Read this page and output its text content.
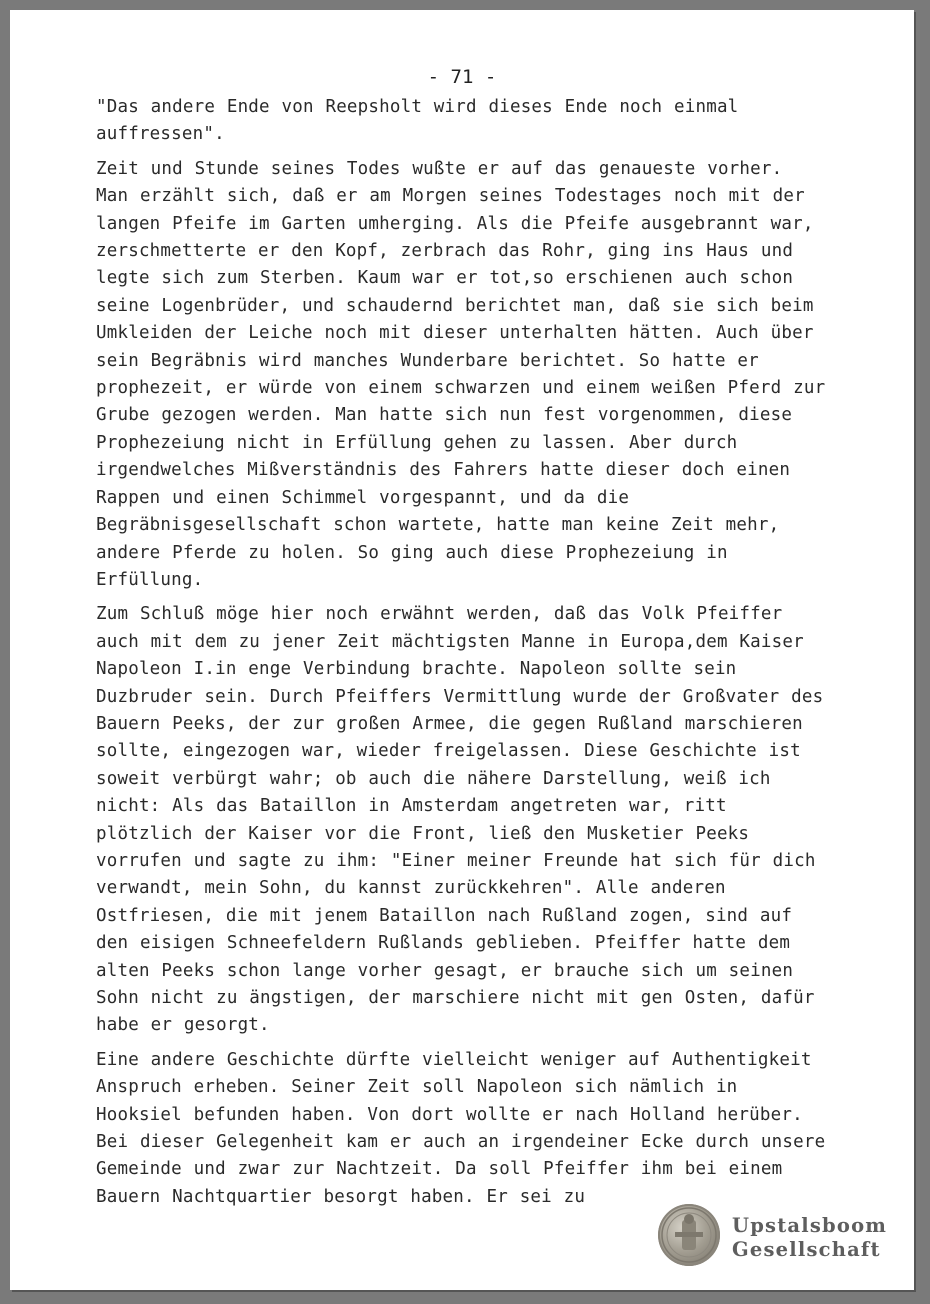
- 71 -

"Das andere Ende von Reepsholt wird dieses Ende noch einmal auffressen".

Zeit und Stunde seines Todes wußte er auf das genaueste vorher. Man erzählt sich, daß er am Morgen seines Todestages noch mit der langen Pfeife im Garten umherging. Als die Pfeife ausgebrannt war, zerschmetterte er den Kopf, zerbrach das Rohr, ging ins Haus und legte sich zum Sterben. Kaum war er tot,so erschienen auch schon seine Logenbrüder, und schaudernd berichtet man, daß sie sich beim Umkleiden der Leiche noch mit dieser unterhalten hätten. Auch über sein Begräbnis wird manches Wunderbare berichtet. So hatte er prophezeit, er würde von einem schwarzen und einem weißen Pferd zur Grube gezogen werden. Man hatte sich nun fest vorgenommen, diese Prophezeiung nicht in Erfüllung gehen zu lassen. Aber durch irgendwelches Mißverständnis des Fahrers hatte dieser doch einen Rappen und einen Schimmel vorgespannt, und da die Begräbnisgesellschaft schon wartete, hatte man keine Zeit mehr, andere Pferde zu holen. So ging auch diese Prophezeiung in Erfüllung.

Zum Schluß möge hier noch erwähnt werden, daß das Volk Pfeiffer auch mit dem zu jener Zeit mächtigsten Manne in Europa,dem Kaiser Napoleon I.in enge Verbindung brachte. Napoleon sollte sein Duzbruder sein. Durch Pfeiffers Vermittlung wurde der Großvater des Bauern Peeks, der zur großen Armee, die gegen Rußland marschieren sollte, eingezogen war, wieder freigelassen. Diese Geschichte ist soweit verbürgt wahr; ob auch die nähere Darstellung, weiß ich nicht: Als das Bataillon in Amsterdam angetreten war, ritt plötzlich der Kaiser vor die Front, ließ den Musketier Peeks vorrufen und sagte zu ihm: "Einer meiner Freunde hat sich für dich verwandt, mein Sohn, du kannst zurückkehren". Alle anderen Ostfriesen, die mit jenem Bataillon nach Rußland zogen, sind auf den eisigen Schneefeldern Rußlands geblieben. Pfeiffer hatte dem alten Peeks schon lange vorher gesagt, er brauche sich um seinen Sohn nicht zu ängstigen, der marschiere nicht mit gen Osten, dafür habe er gesorgt.

Eine andere Geschichte dürfte vielleicht weniger auf Authentigkeit Anspruch erheben. Seiner Zeit soll Napoleon sich nämlich in Hooksiel befunden haben. Von dort wollte er nach Holland herüber. Bei dieser Gelegenheit kam er auch an irgendeiner Ecke durch unsere Gemeinde und zwar zur Nachtzeit. Da soll Pfeiffer ihm bei einem Bauern Nachtquartier besorgt haben. Er sei zu

Upstalsboom
Gesellschaft
